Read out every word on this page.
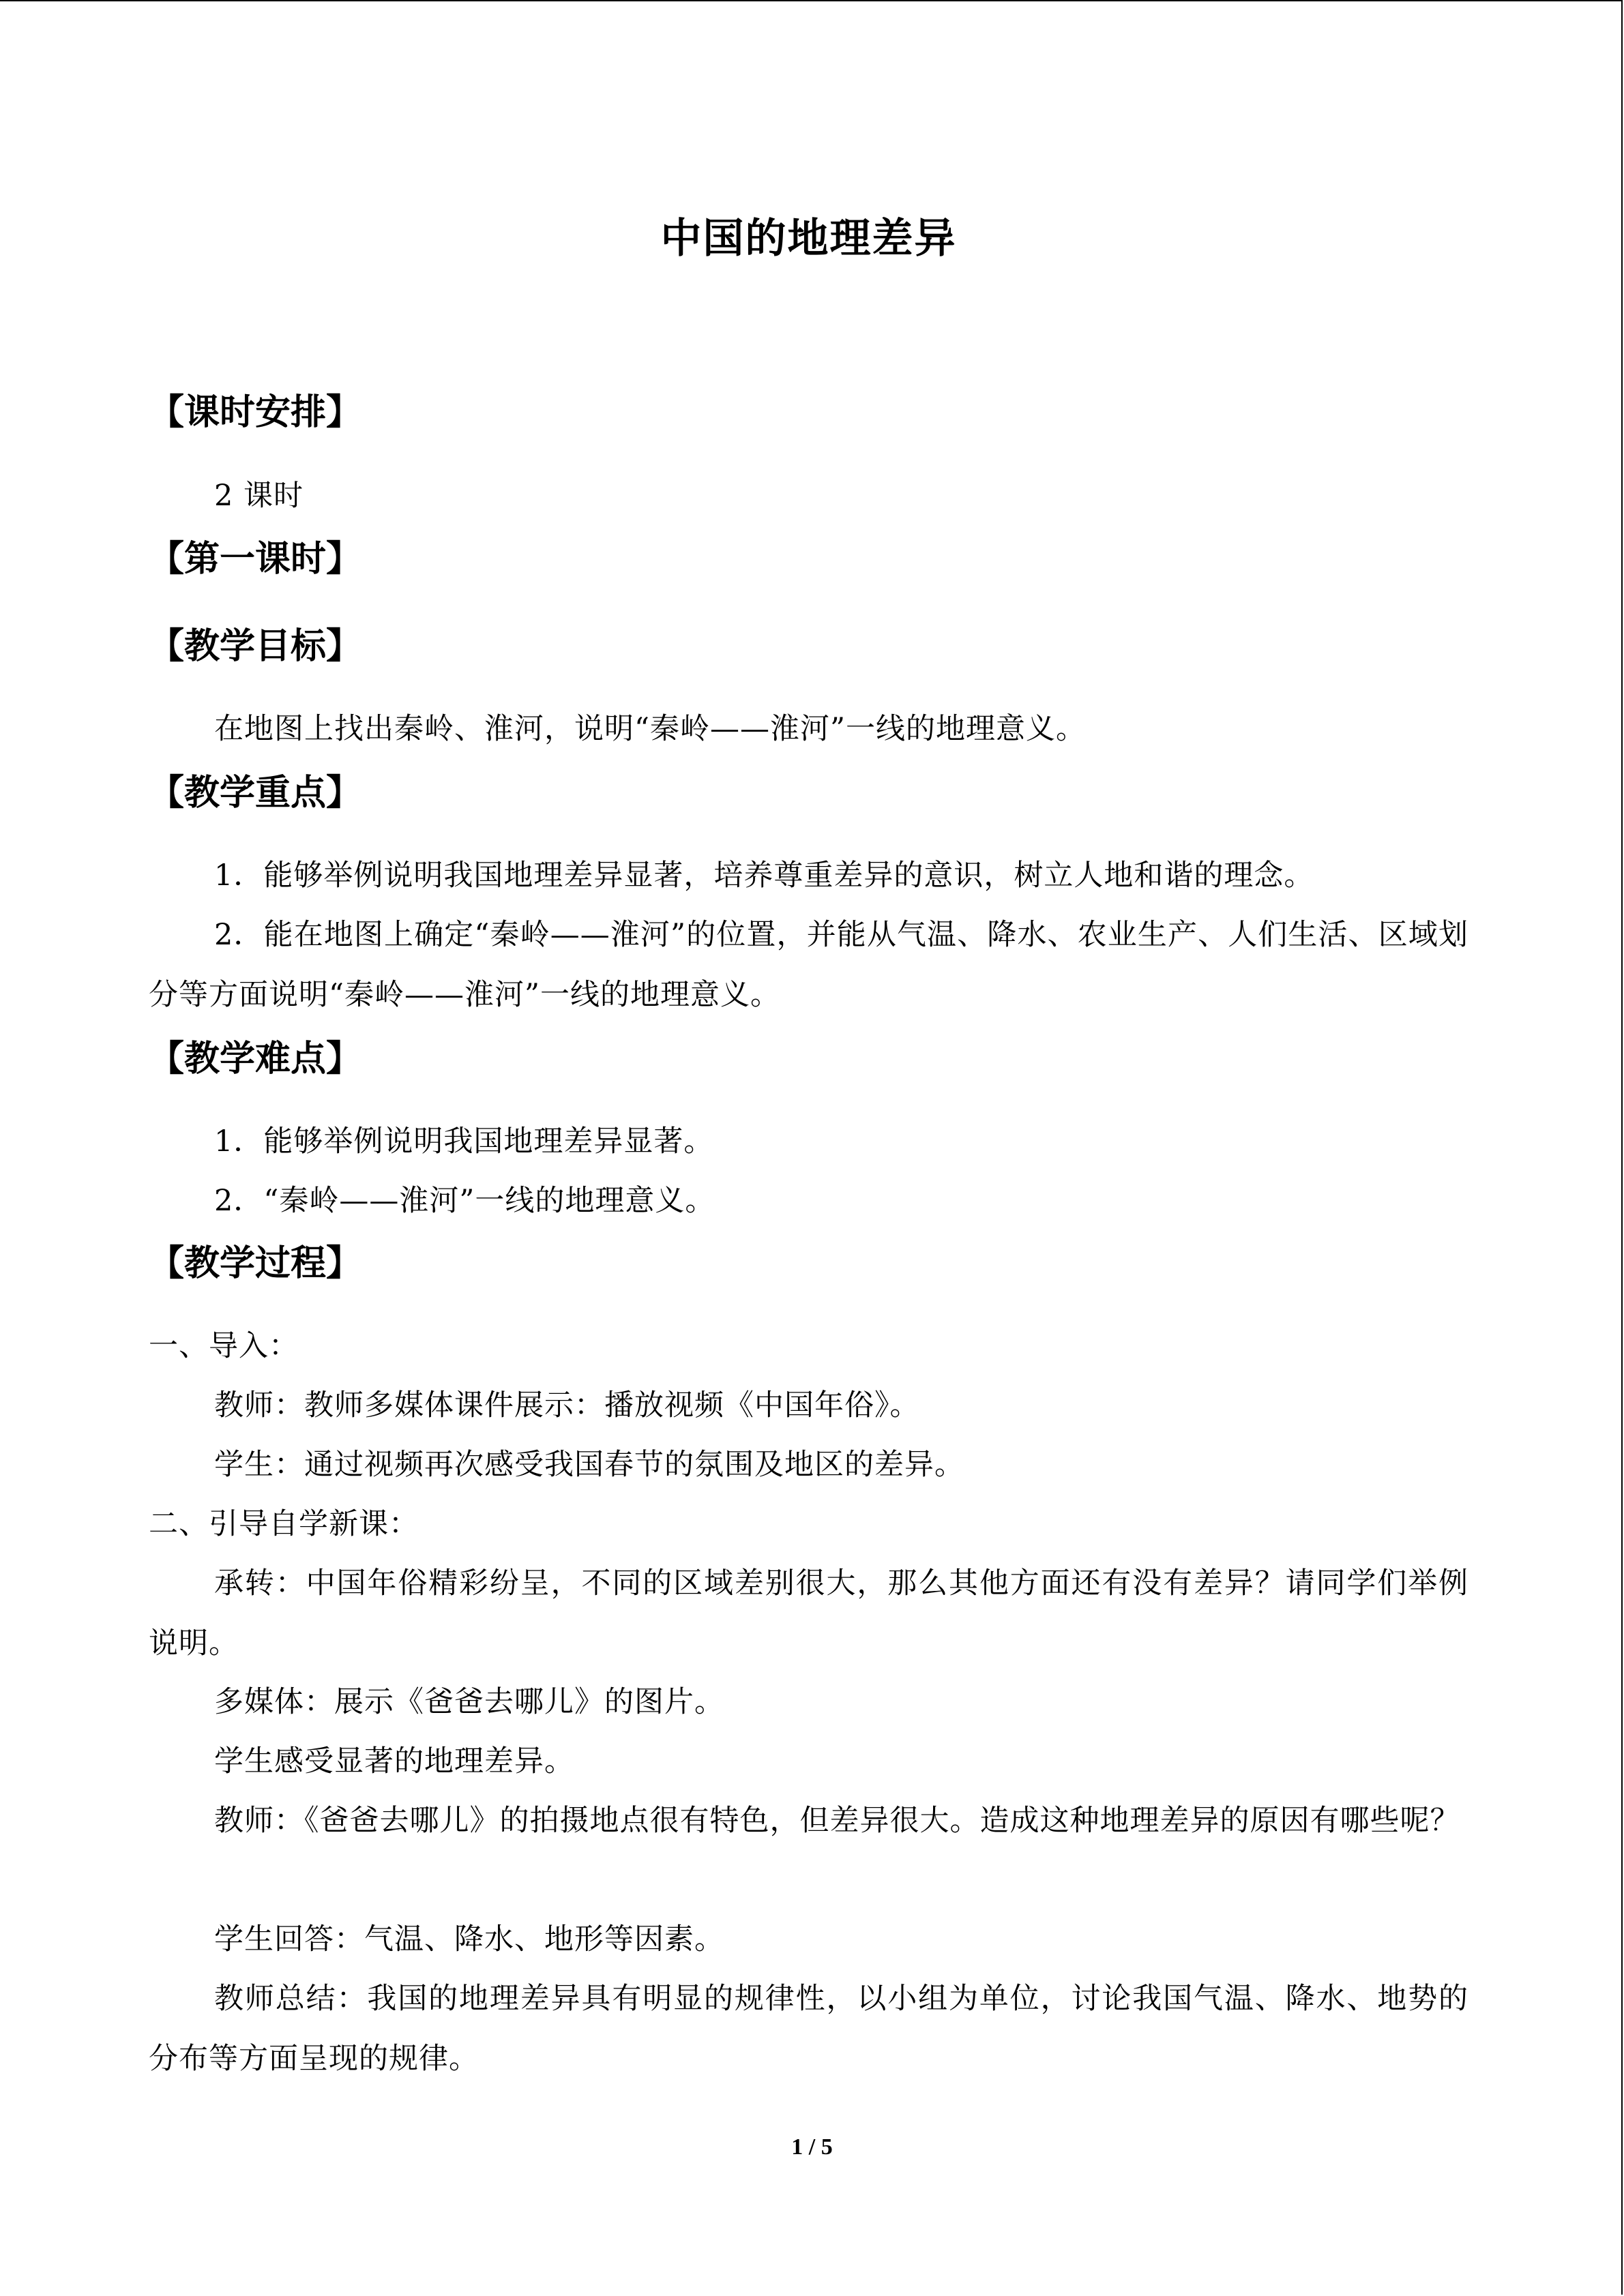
中国的地理差异
【课时安排】
2 课时
【第一课时】
【教学目标】
在地图上找出秦岭、淮河，说明“秦岭——淮河”一线的地理意义。
【教学重点】
1．能够举例说明我国地理差异显著，培养尊重差异的意识，树立人地和谐的理念。
2．能在地图上确定“秦岭——淮河”的位置，并能从气温、降水、农业生产、人们生活、区域划分等方面说明“秦岭——淮河”一线的地理意义。
【教学难点】
1．能够举例说明我国地理差异显著。
2．“秦岭——淮河”一线的地理意义。
【教学过程】
一、导入：
教师：教师多媒体课件展示：播放视频《中国年俗》。
学生：通过视频再次感受我国春节的氛围及地区的差异。
二、引导自学新课：
承转：中国年俗精彩纷呈，不同的区域差别很大，那么其他方面还有没有差异？请同学们举例说明。
多媒体：展示《爸爸去哪儿》的图片。
学生感受显著的地理差异。
教师：《爸爸去哪儿》的拍摄地点很有特色，但差异很大。造成这种地理差异的原因有哪些呢？
学生回答：气温、降水、地形等因素。
教师总结：我国的地理差异具有明显的规律性，以小组为单位，讨论我国气温、降水、地势的分布等方面呈现的规律。
1 / 5
